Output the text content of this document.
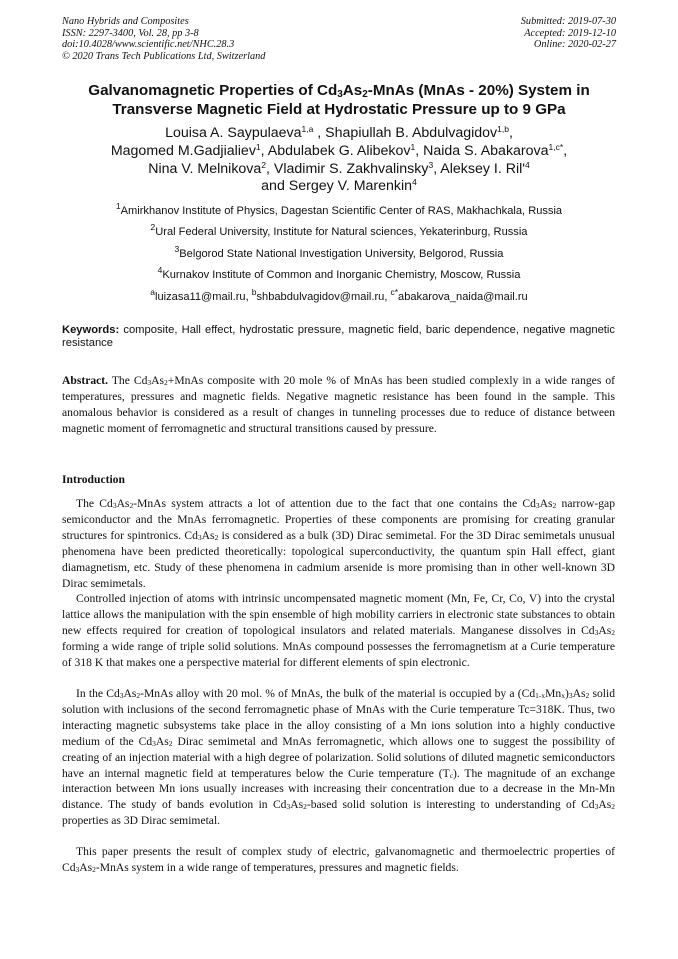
Nano Hybrids and Composites
ISSN: 2297-3400, Vol. 28, pp 3-8
doi:10.4028/www.scientific.net/NHC.28.3
© 2020 Trans Tech Publications Ltd, Switzerland
Submitted: 2019-07-30
Accepted: 2019-12-10
Online: 2020-02-27
Galvanomagnetic Properties of $Cd_3As_2$-MnAs (MnAs - 20%) System in
Transverse Magnetic Field at Hydrostatic Pressure up to 9 GPa
Louisa A. Saypulaeva$^{1,a}$ , Shapiullah B. Abdulvagidov$^{1,b}$,
Magomed M.Gadjialiev$^1$, Abdulabek G. Alibekov$^1$, Naida S. Abakarova$^{1,c*}$,
Nina V. Melnikova$^2$, Vladimir S. Zakhvalinsky$^3$, Aleksey I. $Ril'^4$
and Sergey V. Marenkin$^4$
$^1$Amirkhanov Institute of Physics, Dagestan Scientific Center of RAS, Makhachkala, Russia
$^2$Ural Federal University, Institute for Natural sciences, Yekaterinburg, Russia
$^3$Belgorod State National Investigation University, Belgorod, Russia
$^4$Kurnakov Institute of Common and Inorganic Chemistry, Moscow, Russia
$^a$luizasa11@mail.ru, $^b$shbabdulvagidov@mail.ru, $^{c*}$abakarova_naida@mail.ru
Keywords: composite, Hall effect, hydrostatic pressure, magnetic field, baric dependence, negative magnetic resistance
Abstract. The $Cd_3As_2+MnAs$ composite with 20 mole % of MnAs has been studied complexly in a wide ranges of temperatures, pressures and magnetic fields. Negative magnetic resistance has been found in the sample. This anomalous behavior is considered as a result of changes in tunneling processes due to reduce of distance between magnetic moment of ferromagnetic and structural transitions caused by pressure.
Introduction
The $Cd_3As_2$-MnAs system attracts a lot of attention due to the fact that one contains the $Cd_3As_2$ narrow-gap semiconductor and the MnAs ferromagnetic. Properties of these components are promising for creating granular structures for spintronics. $Cd_3As_2$ is considered as a bulk (3D) Dirac semimetal. For the 3D Dirac semimetals unusual phenomena have been predicted theoretically: topological superconductivity, the quantum spin Hall effect, giant diamagnetism, etc. Study of these phenomena in cadmium arsenide is more promising than in other well-known 3D Dirac semimetals.
Controlled injection of atoms with intrinsic uncompensated magnetic moment (Mn, Fe, Cr, Co, V) into the crystal lattice allows the manipulation with the spin ensemble of high mobility carriers in electronic state substances to obtain new effects required for creation of topological insulators and related materials. Manganese dissolves in $Cd_3As_2$ forming a wide range of triple solid solutions. MnAs compound possesses the ferromagnetism at a Curie temperature of 318 K that makes one a perspective material for different elements of spin electronic.
In the $Cd_3As_2$-MnAs alloy with 20 mol. % of MnAs, the bulk of the material is occupied by a $(Cd_{1-x}Mn_x)_3As_2$ solid solution with inclusions of the second ferromagnetic phase of MnAs with the Curie temperature Tc=318K. Thus, two interacting magnetic subsystems take place in the alloy consisting of a Mn ions solution into a highly conductive medium of the $Cd_3As_2$ Dirac semimetal and MnAs ferromagnetic, which allows one to suggest the possibility of creating of an injection material with a high degree of polarization. Solid solutions of diluted magnetic semiconductors have an internal magnetic field at temperatures below the Curie temperature $(T_c)$. The magnitude of an exchange interaction between Mn ions usually increases with increasing their concentration due to a decrease in the Mn-Mn distance. The study of bands evolution in $Cd_3As_2$-based solid solution is interesting to understanding of $Cd_3As_2$ properties as 3D Dirac semimetal.
This paper presents the result of complex study of electric, galvanomagnetic and thermoelectric properties of $Cd_3As_2$-MnAs system in a wide range of temperatures, pressures and magnetic fields.
